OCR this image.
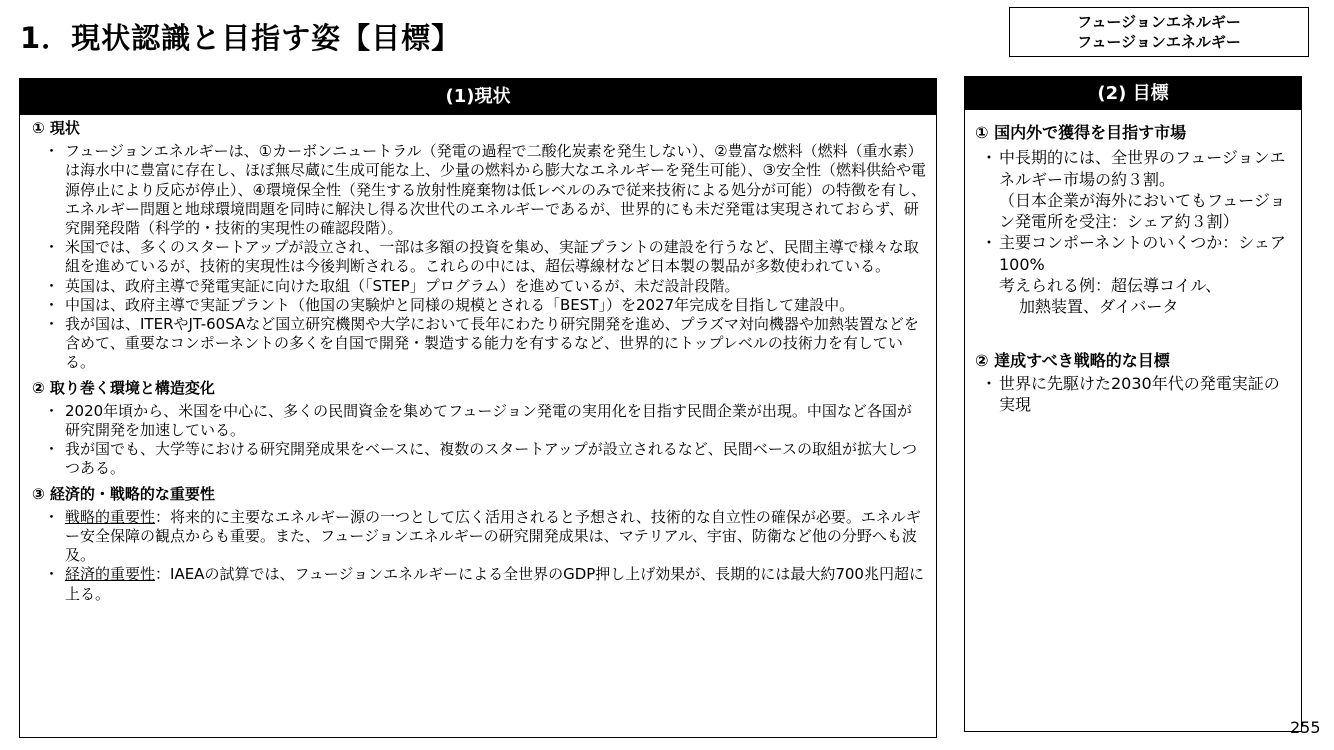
1．現状認識と目指す姿【目標】	フュージョンエネルギー
フュージョンエネルギー
(1)現状

① 現状

・ フュージョンエネルギーは、①カーボンニュートラル（発電の過程で二酸化炭素を発生しない）、②豊富な燃料（燃料（重水素）は海水中に豊富に存在し、ほぼ無尽蔵に生成可能な上、少量の燃料から膨大なエネルギーを発生可能）、③安全性（燃料供給や電源停止により反応が停止）、④環境保全性（発生する放射性廃棄物は低レベルのみで従来技術による処分が可能）の特徴を有し、エネルギー問題と地球環境問題を同時に解決し得る次世代のエネルギーであるが、世界的にも未だ発電は実現されておらず、研究開発段階（科学的・技術的実現性の確認段階）。
・ 米国では、多くのスタートアップが設立され、一部は多額の投資を集め、実証プラントの建設を行うなど、民間主導で様々な取組を進めているが、技術的実現性は今後判断される。これらの中には、超伝導線材など日本製の製品が多数使われている。
・ 英国は、政府主導で発電実証に向けた取組（「STEP」プログラム）を進めているが、未だ設計段階。
・ 中国は、政府主導で実証プラント（他国の実験炉と同様の規模とされる「BEST」）を2027年完成を目指して建設中。
・ 我が国は、ITERやJT-60SAなど国立研究機関や大学において長年にわたり研究開発を進め、プラズマ対向機器や加熱装置などを含めて、重要なコンポーネントの多くを自国で開発・製造する能力を有するなど、世界的にトップレベルの技術力を有している。

② 取り巻く環境と構造変化

・ 2020年頃から、米国を中心に、多くの民間資金を集めてフュージョン発電の実用化を目指す民間企業が出現。中国など各国が研究開発を加速している。
・ 我が国でも、大学等における研究開発成果をベースに、複数のスタートアップが設立されるなど、民間ベースの取組が拡大しつつある。

③ 経済的・戦略的な重要性

・ 戦略的重要性：将来的に主要なエネルギー源の一つとして広く活用されると予想され、技術的な自立性の確保が必要。エネルギー安全保障の観点からも重要。また、フュージョンエネルギーの研究開発成果は、マテリアル、宇宙、防衛など他の分野へも波及。
・ 経済的重要性：IAEAの試算では、フュージョンエネルギーによる全世界のGDP押し上げ効果が、長期的には最大約700兆円超に上る。
(2) 目標

① 国内外で獲得を目指す市場

・ 中長期的には、全世界のフュージョンエネルギー市場の約３割。
（日本企業が海外においてもフュージョン発電所を受注：シェア約３割）
・ 主要コンポーネントのいくつか：シェア100%
考えられる例：超伝導コイル、
加熱装置、ダイバータ

② 達成すべき戦略的な目標

・ 世界に先駆けた2030年代の発電実証の実現
255
